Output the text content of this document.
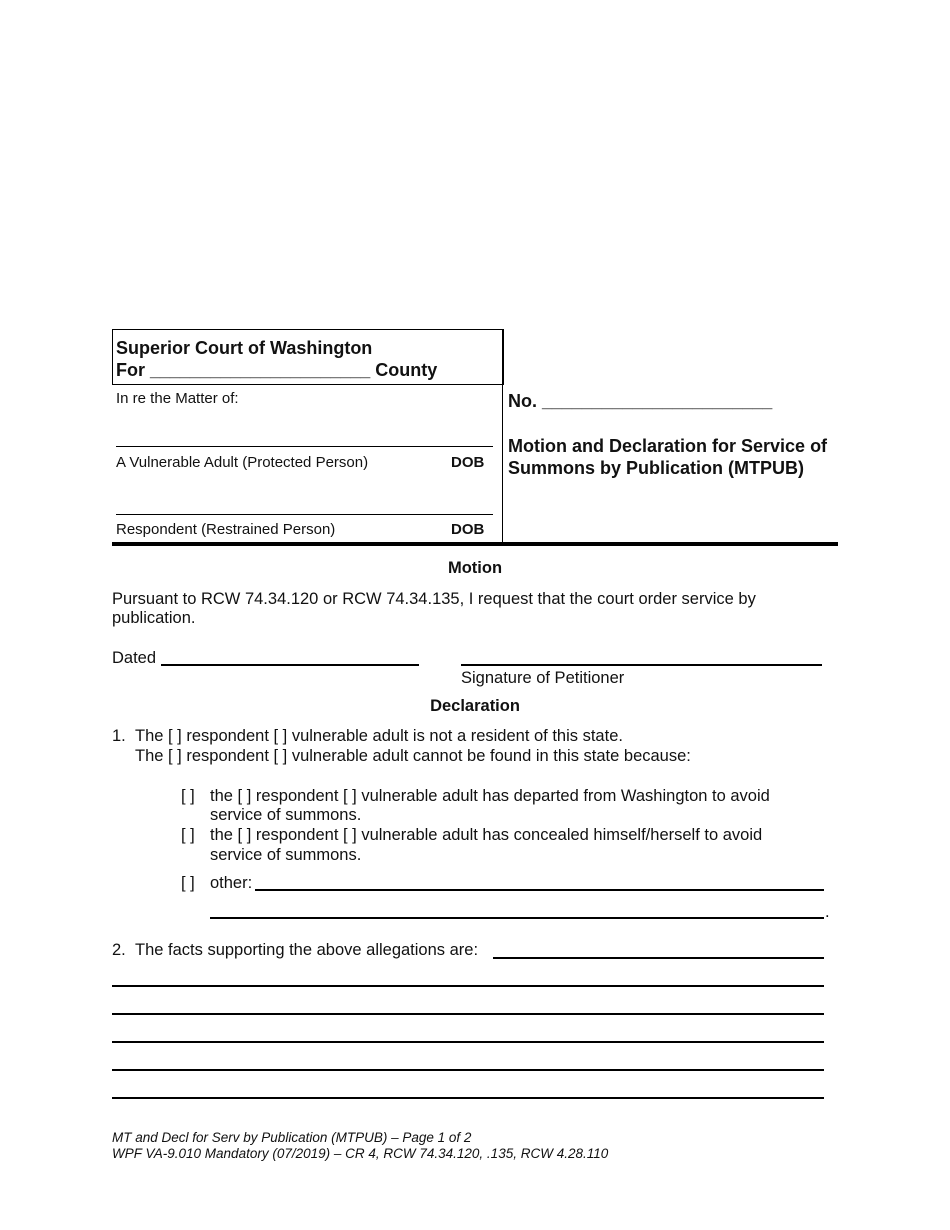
Superior Court of Washington
For ______________________ County
In re the Matter of:
A Vulnerable Adult (Protected Person)	DOB
Respondent (Restrained Person)	DOB
No. _______________________
Motion and Declaration for Service of Summons by Publication (MTPUB)
Motion
Pursuant to RCW 74.34.120 or RCW 74.34.135, I request that the court order service by
publication.
Dated
Signature of Petitioner
Declaration
1. The [ ] respondent [ ] vulnerable adult is not a resident of this state.
The [ ] respondent [ ] vulnerable adult cannot be found in this state because:
[ ] the [ ] respondent [ ] vulnerable adult has departed from Washington to avoid
service of summons.
[ ] the [ ] respondent [ ] vulnerable adult has concealed himself/herself to avoid
service of summons.
[ ] other:
.
2. The facts supporting the above allegations are:
MT and Decl for Serv by Publication (MTPUB) – Page 1 of 2
WPF VA-9.010 Mandatory (07/2019) – CR 4, RCW 74.34.120, .135, RCW 4.28.110
